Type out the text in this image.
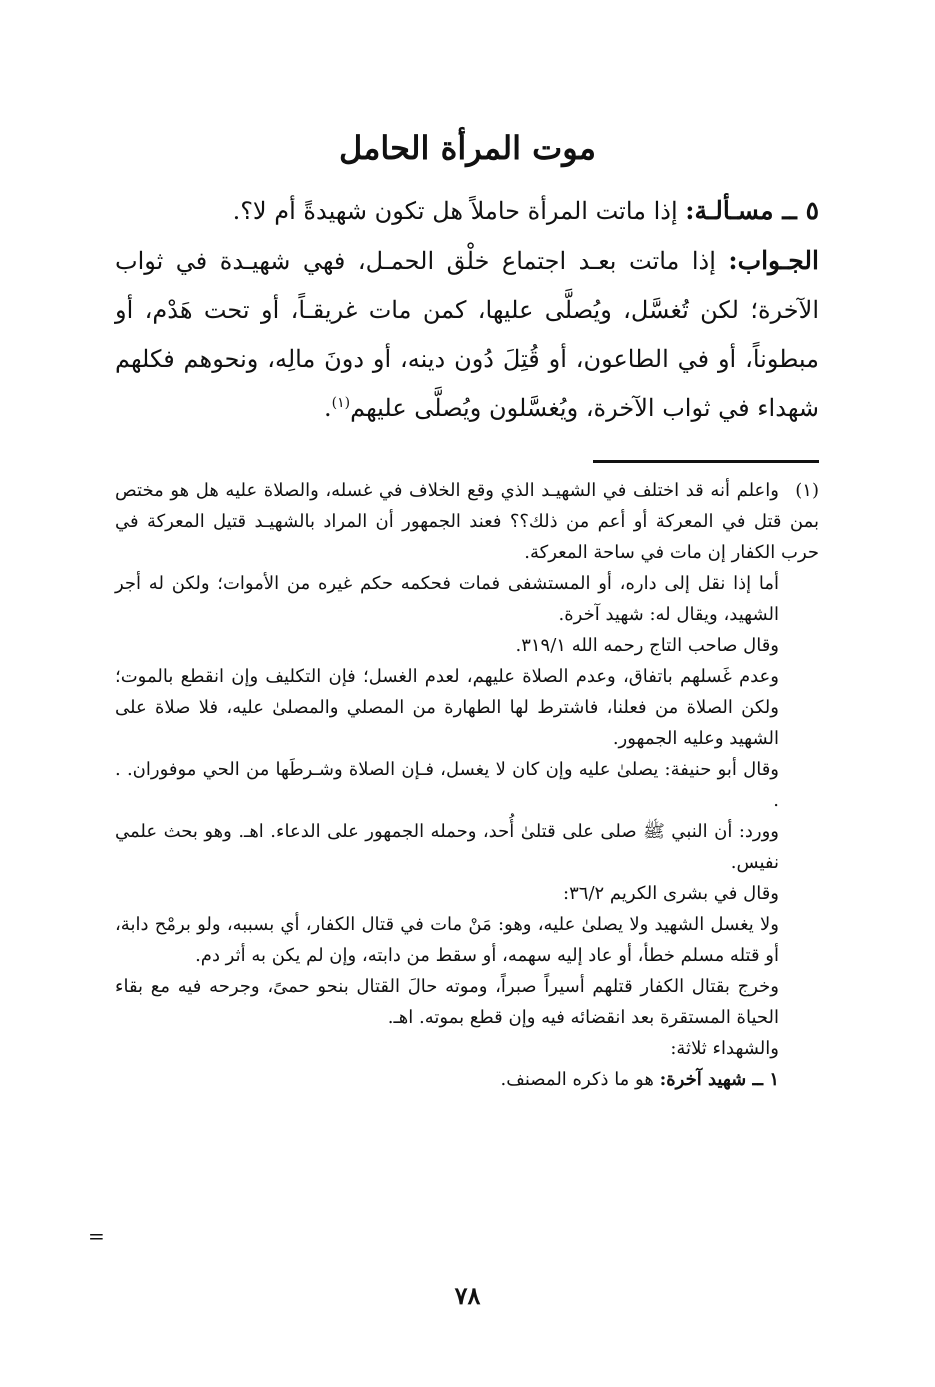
موت المرأة الحامل

٥ ــ مسـألـة: إذا ماتت المرأة حاملاً هل تكون شهيدةً أم لا؟.

الجـواب: إذا ماتت بعـد اجتماع خلْق الحمـل، فهي شهيـدة في ثواب الآخرة؛ لكن تُغسَّل، ويُصلَّى عليها، كمن مات غريقـاً، أو تحت هَدْم، أو مبطوناً، أو في الطاعون، أو قُتِلَ دُون دينه، أو دونَ مالِه، ونحوهم فكلهم شهداء في ثواب الآخرة، ويُغسَّلون ويُصلَّى عليهم$^{(١)}$.

(١)واعلم أنه قد اختلف في الشهيـد الذي وقع الخلاف في غسله، والصلاة عليه هل هو مختص بمن قتل في المعركة أو أعم من ذلك؟؟ فعند الجمهور أن المراد بالشهيـد قتيل المعركة في حرب الكفار إن مات في ساحة المعركة.

أما إذا نقل إلى داره، أو المستشفى فمات فحكمه حكم غيره من الأموات؛ ولكن له أجر الشهيد، ويقال له: شهيد آخرة.

وقال صاحب التاج رحمه الله ٣١٩/١.

وعدم غَسلهم باتفاق، وعدم الصلاة عليهم، لعدم الغسل؛ فإن التكليف وإن انقطع بالموت؛ ولكن الصلاة من فعلنا، فاشترط لها الطهارة من المصلي والمصلىٰ عليه، فلا صلاة على الشهيد وعليه الجمهور.

وقال أبو حنيفة: يصلىٰ عليه وإن كان لا يغسل، فـإن الصلاة وشـرطَها من الحي موفوران. . .

وورد: أن النبي ﷺ صلى على قتلىٰ أُحد، وحمله الجمهور على الدعاء. اهـ. وهو بحث علمي نفيس.

وقال في بشرى الكريم ٣٦/٢:

ولا يغسل الشهيد ولا يصلىٰ عليه، وهو: مَنْ مات في قتال الكفار، أي بسببه، ولو برمْح دابة، أو قتله مسلم خطأ، أو عاد إليه سهمه، أو سقط من دابته، وإن لم يكن به أثر دم.

وخرج بقتال الكفار قتلهم أسيراً صبراً، وموته حالَ القتال بنحو حمىً، وجرحه فيه مع بقاء الحياة المستقرة بعد انقضائه فيه وإن قطع بموته. اهـ.

والشهداء ثلاثة:

١ ــ شهيد آخرة: هو ما ذكره المصنف.

=
٧٨
